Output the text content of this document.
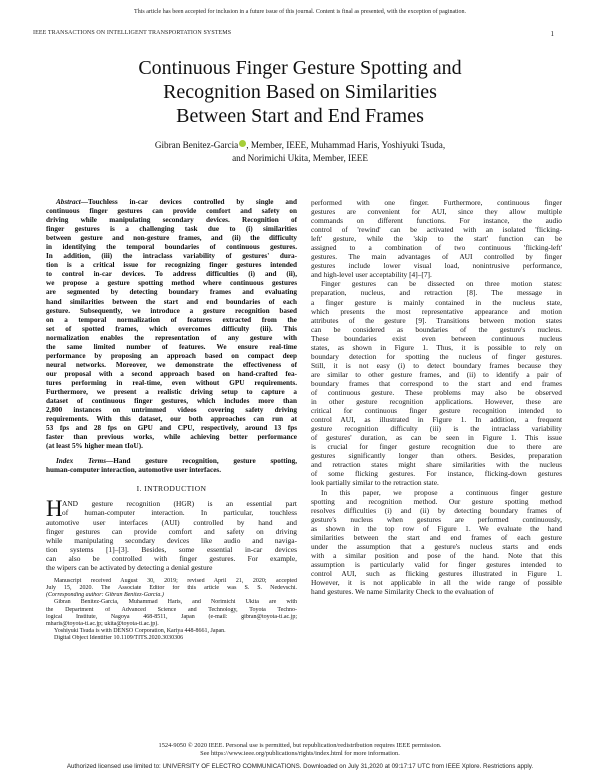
This article has been accepted for inclusion in a future issue of this journal. Content is final as presented, with the exception of pagination.
IEEE TRANSACTIONS ON INTELLIGENT TRANSPORTATION SYSTEMS	1
Continuous Finger Gesture Spotting and
Recognition Based on Similarities
Between Start and End Frames
Gibran Benitez-Garcia , Member, IEEE, Muhammad Haris, Yoshiyuki Tsuda,
and Norimichi Ukita, Member, IEEE
Abstract—Touchless in-car devices controlled by single and
continuous finger gestures can provide comfort and safety on
driving while manipulating secondary devices. Recognition of
finger gestures is a challenging task due to (i) similarities
between gesture and non-gesture frames, and (ii) the difficulty
in identifying the temporal boundaries of continuous gestures.
In addition, (iii) the intraclass variability of gestures' dura-
tion is a critical issue for recognizing finger gestures intended
to control in-car devices. To address difficulties (i) and (ii),
we propose a gesture spotting method where continuous gestures
are segmented by detecting boundary frames and evaluating
hand similarities between the start and end boundaries of each
gesture. Subsequently, we introduce a gesture recognition based
on a temporal normalization of features extracted from the
set of spotted frames, which overcomes difficulty (iii). This
normalization enables the representation of any gesture with
the same limited number of features. We ensure real-time
performance by proposing an approach based on compact deep
neural networks. Moreover, we demonstrate the effectiveness of
our proposal with a second approach based on hand-crafted fea-
tures performing in real-time, even without GPU requirements.
Furthermore, we present a realistic driving setup to capture a
dataset of continuous finger gestures, which includes more than
2,800 instances on untrimmed videos covering safety driving
requirements. With this dataset, our both approaches can run at
53 fps and 28 fps on GPU and CPU, respectively, around 13 fps
faster than previous works, while achieving better performance
(at least 5% higher mean tIoU).
Index Terms—Hand gesture recognition, gesture spotting,
human-computer interaction, automotive user interfaces.
I. INTRODUCTION
H AND gesture recognition (HGR) is an essential part
of human-computer interaction. In particular, touchless
automotive user interfaces (AUI) controlled by hand and
finger gestures can provide comfort and safety on driving
while manipulating secondary devices like audio and naviga-
tion systems [1]–[3]. Besides, some essential in-car devices
can also be controlled with finger gestures. For example,
the wipers can be activated by detecting a denial gesture
Manuscript received August 30, 2019; revised April 21, 2020; accepted
July 15, 2020. The Associate Editor for this article was S. S. Nedevschi.
(Corresponding author: Gibran Benitez-Garcia.)
Gibran Benitez-Garcia, Muhammad Haris, and Norimichi Ukita are with
the Department of Advanced Science and Technology, Toyota Techno-
logical Institute, Nagoya 468-8511, Japan (e-mail: gibran@toyota-ti.ac.jp;
mharis@toyota-ti.ac.jp; ukita@toyota-ti.ac.jp).
Yoshiyuki Tsuda is with DENSO Corporation, Kariya 448-8661, Japan.
Digital Object Identifier 10.1109/TITS.2020.3030306
performed with one finger. Furthermore, continuous finger
gestures are convenient for AUI, since they allow multiple
commands on different functions. For instance, the audio
control of 'rewind' can be activated with an isolated 'flicking-
left' gesture, while the 'skip to the start' function can be
assigned to a combination of two continuous 'flicking-left'
gestures. The main advantages of AUI controlled by finger
gestures include lower visual load, nonintrusive performance,
and high-level user acceptability [4]–[7].
Finger gestures can be dissected on three motion states:
preparation, nucleus, and retraction [8]. The message in
a finger gesture is mainly contained in the nucleus state,
which presents the most representative appearance and motion
attributes of the gesture [9]. Transitions between motion states
can be considered as boundaries of the gesture's nucleus.
These boundaries exist even between continuous nucleus
states, as shown in Figure 1. Thus, it is possible to rely on
boundary detection for spotting the nucleus of finger gestures.
Still, it is not easy (i) to detect boundary frames because they
are similar to other gesture frames, and (ii) to identify a pair of
boundary frames that correspond to the start and end frames
of continuous gesture. These problems may also be observed
in other gesture recognition applications. However, these are
critical for continuous finger gesture recognition intended to
control AUI, as illustrated in Figure 1. In addition, a frequent
gesture recognition difficulty (iii) is the intraclass variability
of gestures' duration, as can be seen in Figure 1. This issue
is crucial for finger gesture recognition due to there are
gestures significantly longer than others. Besides, preparation
and retraction states might share similarities with the nucleus
of some flicking gestures. For instance, flicking-down gestures
look partially similar to the retraction state.
In this paper, we propose a continuous finger gesture
spotting and recognition method. Our gesture spotting method
resolves difficulties (i) and (ii) by detecting boundary frames of
gesture's nucleus when gestures are performed continuously,
as shown in the top row of Figure 1. We evaluate the hand
similarities between the start and end frames of each gesture
under the assumption that a gesture's nucleus starts and ends
with a similar position and pose of the hand. Note that this
assumption is particularly valid for finger gestures intended to
control AUI, such as flicking gestures illustrated in Figure 1.
However, it is not applicable in all the wide range of possible
hand gestures. We name Similarity Check to the evaluation of
1524-9050 © 2020 IEEE. Personal use is permitted, but republication/redistribution requires IEEE permission.
See https://www.ieee.org/publications/rights/index.html for more information.
Authorized licensed use limited to: UNIVERSITY OF ELECTRO COMMUNICATIONS. Downloaded on July 31,2020 at 09:17:17 UTC from IEEE Xplore. Restrictions apply.
